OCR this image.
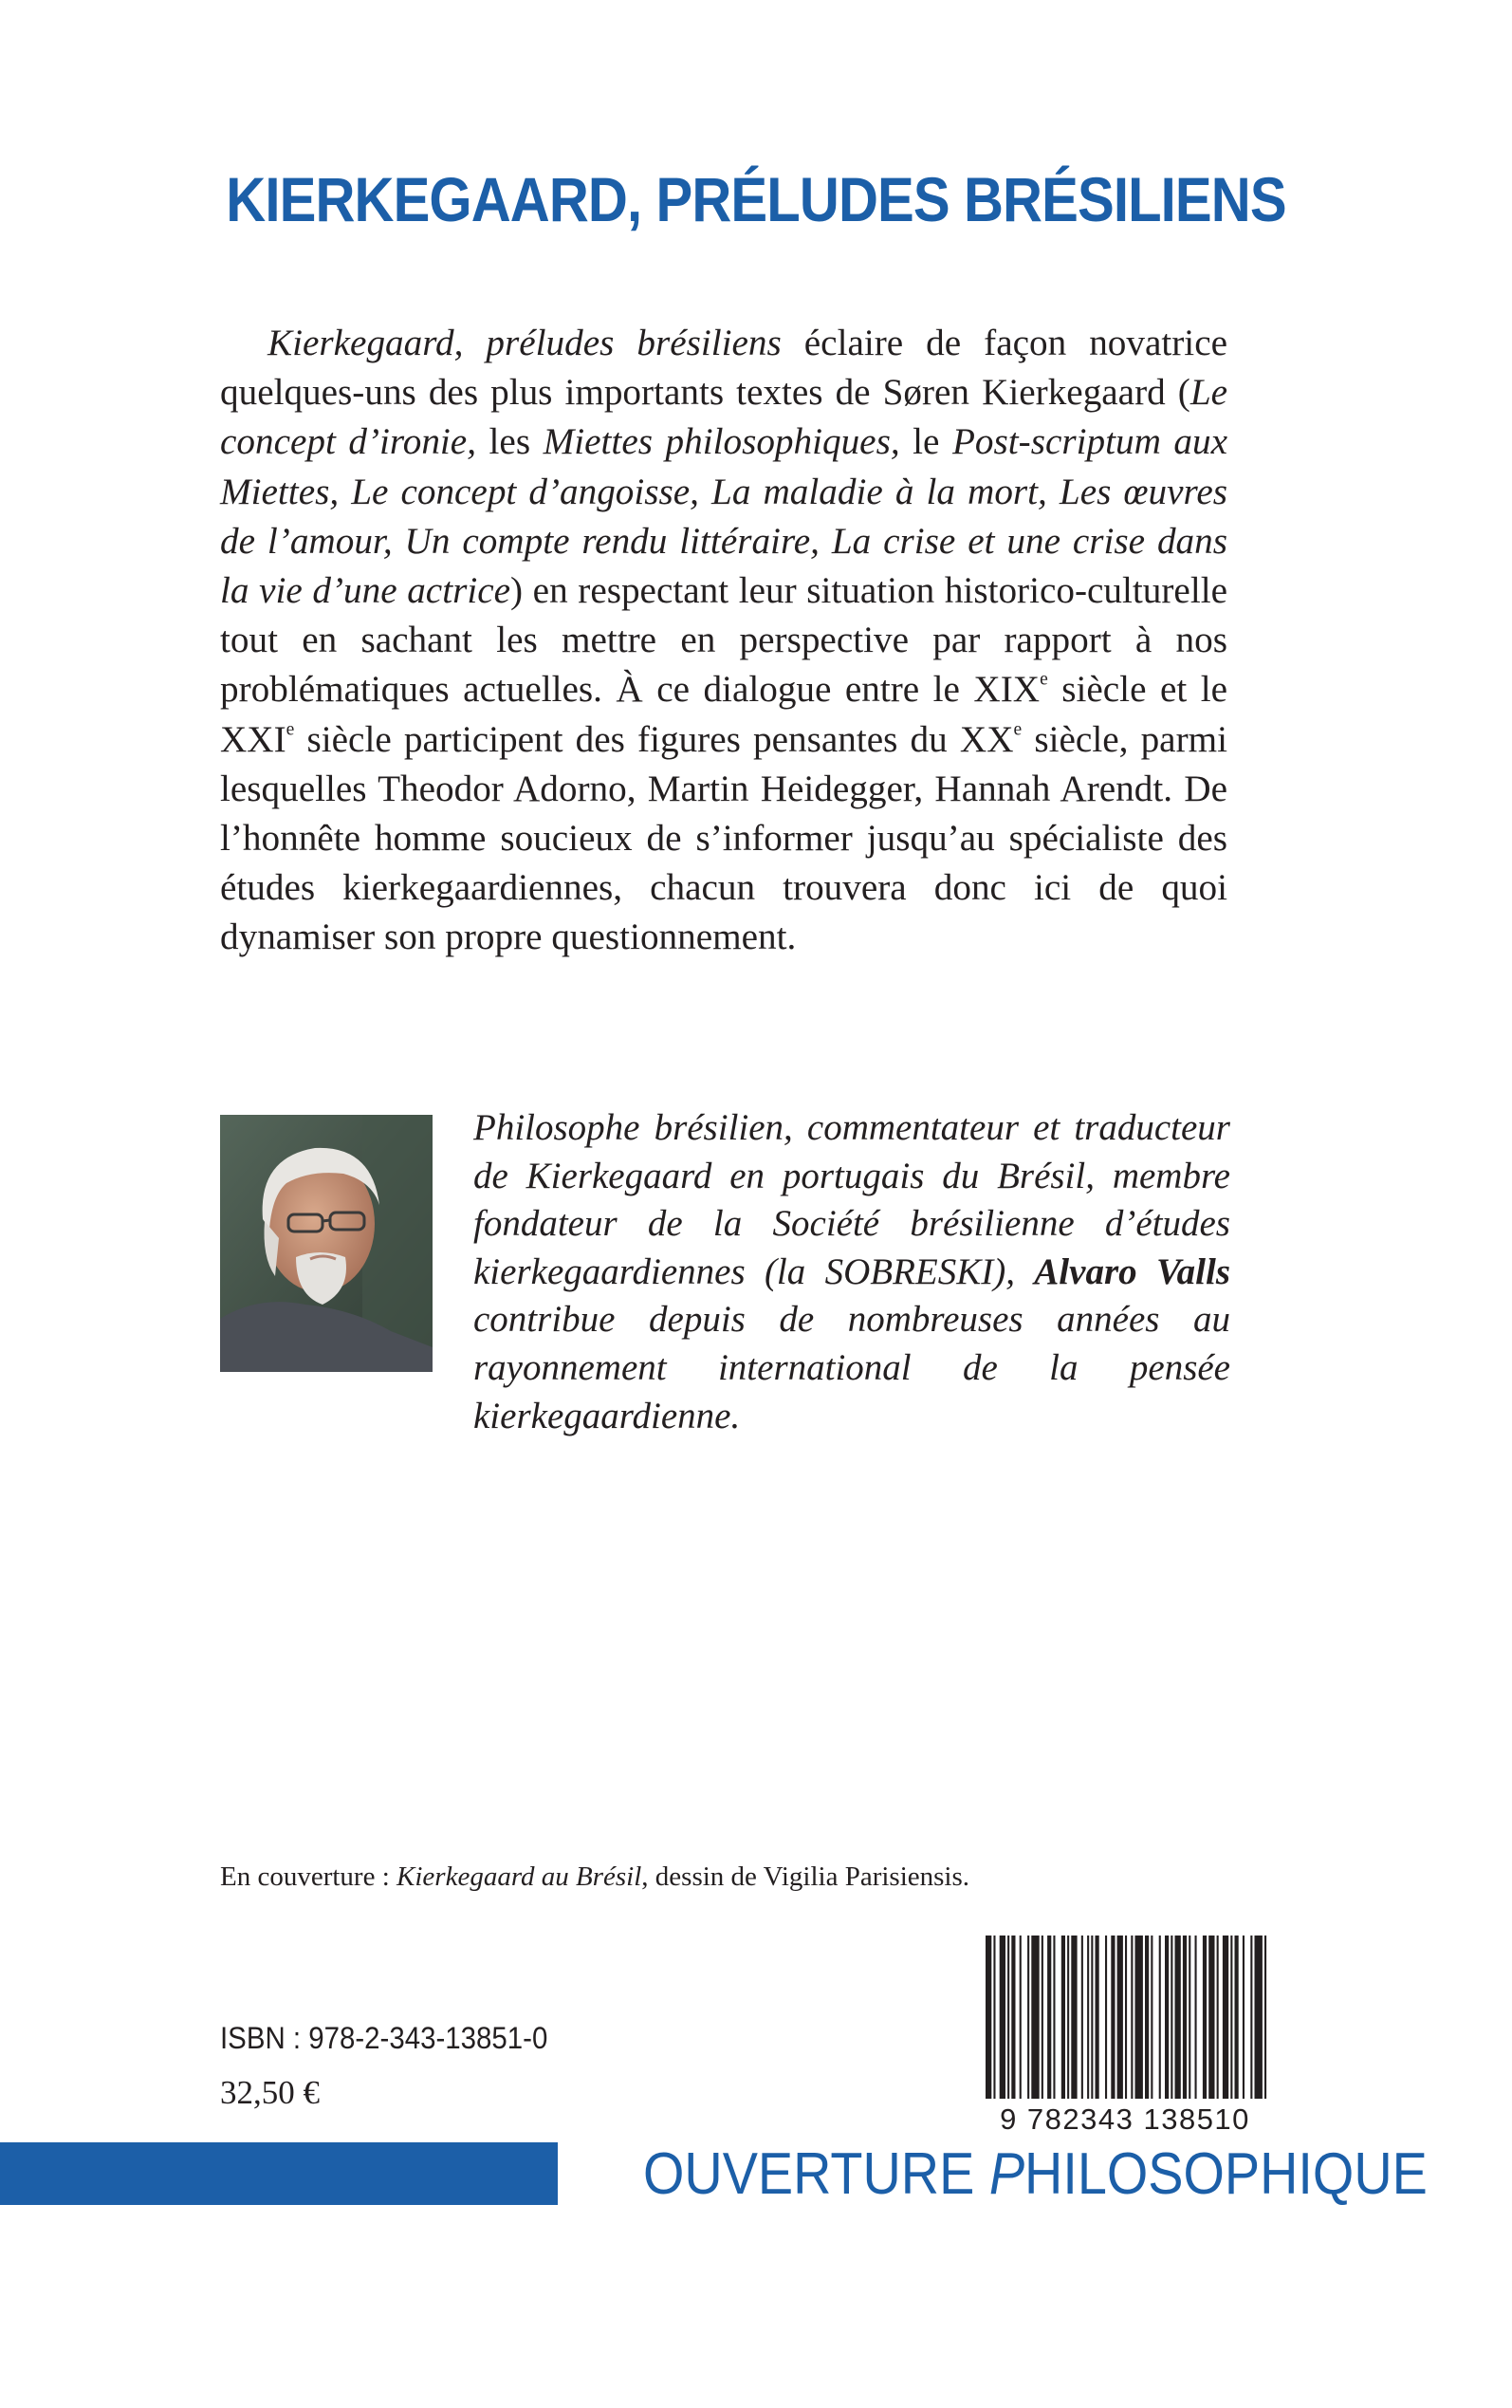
KIERKEGAARD, PRÉLUDES BRÉSILIENS
Kierkegaard, préludes brésiliens éclaire de façon novatrice quelques-uns des plus importants textes de Søren Kierkegaard (Le concept d’ironie, les Miettes philosophiques, le Post-scriptum aux Miettes, Le concept d’angoisse, La maladie à la mort, Les œuvres de l’amour, Un compte rendu littéraire, La crise et une crise dans la vie d’une actrice) en respectant leur situation historico-culturelle tout en sachant les mettre en perspective par rapport à nos problématiques actuelles. À ce dialogue entre le XIXe siècle et le XXIe siècle participent des figures pensantes du XXe siècle, parmi lesquelles Theodor Adorno, Martin Heidegger, Hannah Arendt. De l’honnête homme soucieux de s’informer jusqu’au spécialiste des études kierkegaardiennes, chacun trouvera donc ici de quoi dynamiser son propre questionnement.
Philosophe brésilien, commentateur et traducteur de Kierkegaard en portugais du Brésil, membre fondateur de la Société brésilienne d’études kierkegaardiennes (la SOBRESKI), Alvaro Valls contribue depuis de nombreuses années au rayonnement international de la pensée kierkegaardienne.
En couverture : Kierkegaard au Brésil, dessin de Vigilia Parisiensis.
ISBN : 978-2-343-13851-0
32,50 €
9 782343 138510
OUVERTURE PHILOSOPHIQUE
